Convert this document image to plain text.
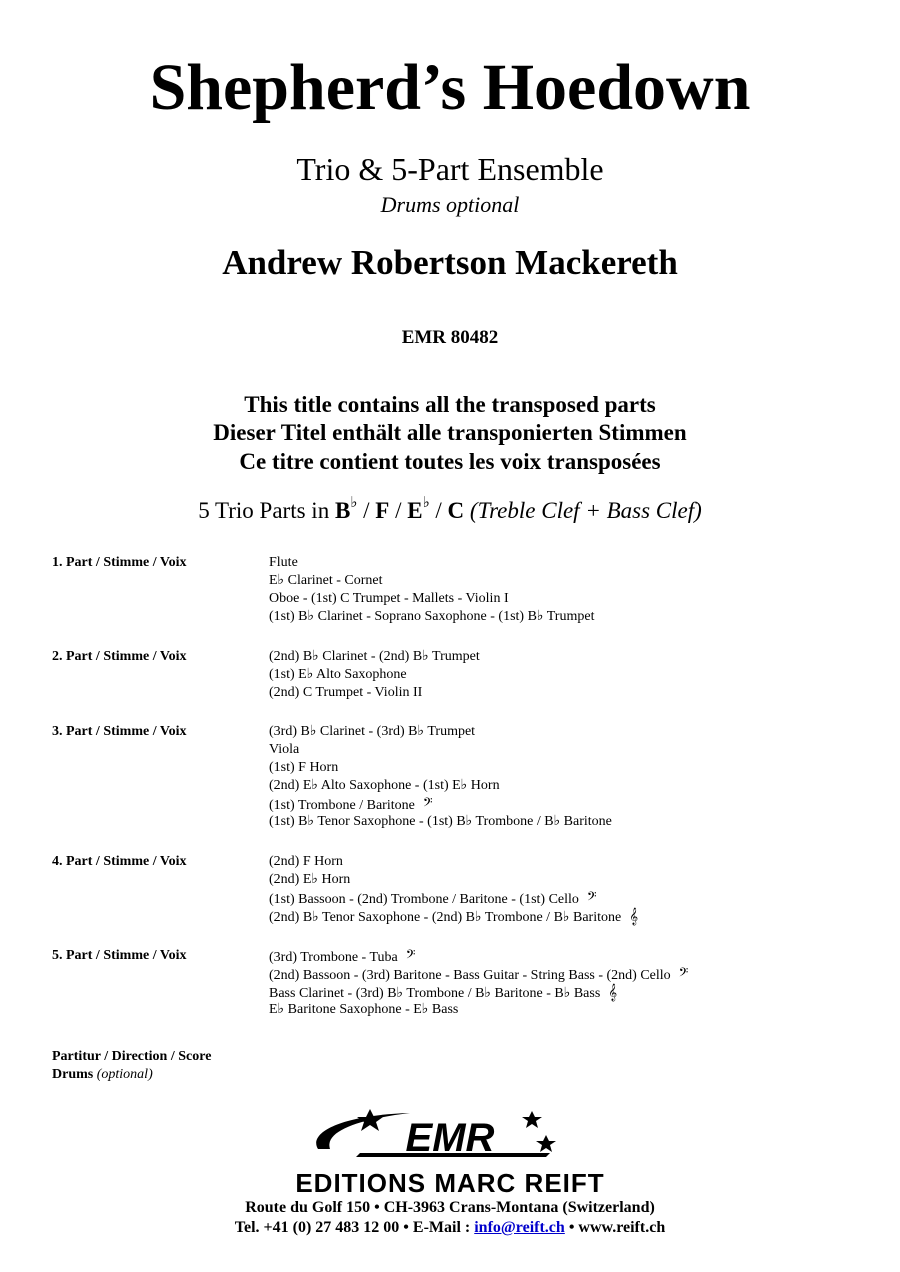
Shepherd’s Hoedown
Trio & 5-Part Ensemble
Drums optional
Andrew Robertson Mackereth
EMR 80482
This title contains all the transposed parts
Dieser Titel enthält alle transponierten Stimmen
Ce titre contient toutes les voix transposées
5 Trio Parts in B♭ / F / E♭ / C (Treble Clef + Bass Clef)
1. Part / Stimme / Voix	Flute
E♭ Clarinet - Cornet
Oboe - (1st) C Trumpet - Mallets - Violin I
(1st) B♭ Clarinet - Soprano Saxophone - (1st) B♭ Trumpet
2. Part / Stimme / Voix	(2nd) B♭ Clarinet - (2nd) B♭ Trumpet
(1st) E♭ Alto Saxophone
(2nd) C Trumpet - Violin II
3. Part / Stimme / Voix	(3rd) B♭ Clarinet - (3rd) B♭ Trumpet
Viola
(1st) F Horn
(2nd) E♭ Alto Saxophone - (1st) E♭ Horn
(1st) Trombone / Baritone 𝄢
(1st) B♭ Tenor Saxophone - (1st) B♭ Trombone / B♭ Baritone
4. Part / Stimme / Voix	(2nd) F Horn
(2nd) E♭ Horn
(1st) Bassoon - (2nd) Trombone / Baritone - (1st) Cello 𝄢
(2nd) B♭ Tenor Saxophone - (2nd) B♭ Trombone / B♭ Baritone 𝄞
5. Part / Stimme / Voix	(3rd) Trombone - Tuba 𝄢
(2nd) Bassoon - (3rd) Baritone - Bass Guitar - String Bass - (2nd) Cello 𝄢
Bass Clarinet - (3rd) B♭ Trombone / B♭ Baritone - B♭ Bass 𝄞
E♭ Baritone Saxophone - E♭ Bass
Partitur / Direction / Score
Drums (optional)
EMR
EDITIONS MARC REIFT
Route du Golf 150 • CH-3963 Crans-Montana (Switzerland)
Tel. +41 (0) 27 483 12 00 • E-Mail : info@reift.ch • www.reift.ch
